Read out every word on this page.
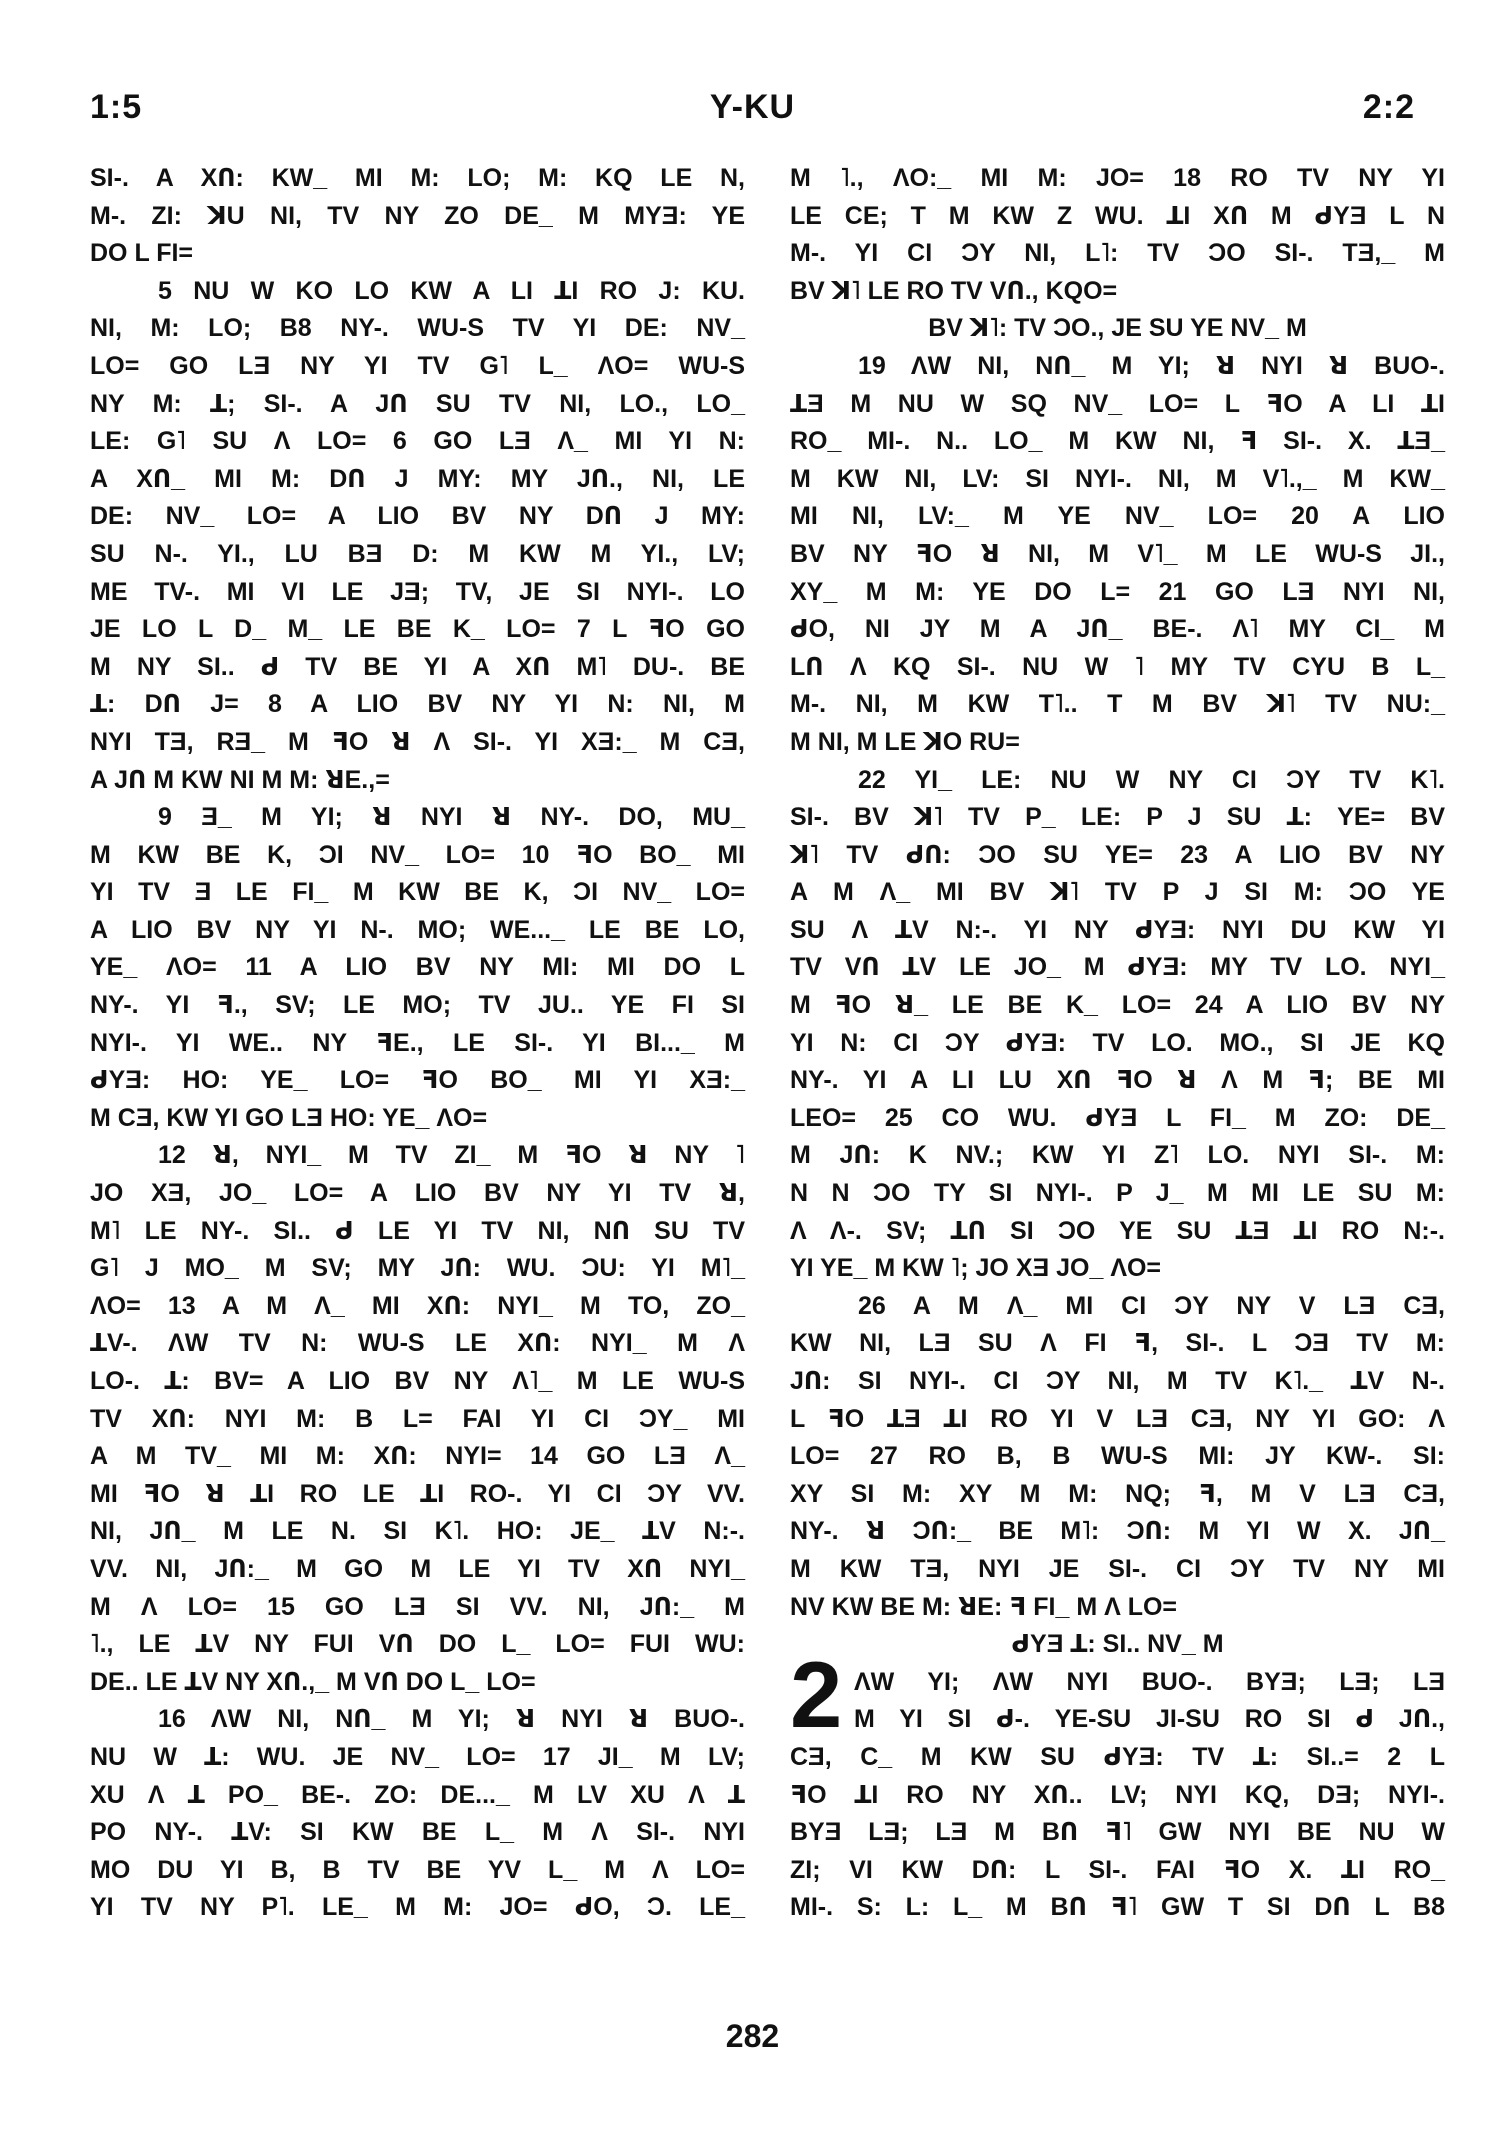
1:5	Y-KU	2:2
SI-. A XՈ: KW_ MI M: LO; M: KQ LE N,
M-. ZI: ꓘU NI, TV NY ZO DE_ M MYƎ: YE
DO L FI=
5 NU W KO LO KW A LI ꓕI RO J: KU.
NI, M: LO; B8 NY-. WU-S TV YI DE: NV_
LO= GO LƎ NY YI TV G˥ L_ ΛO= WU-S
NY M: ꓕ; SI-. A JՈ SU TV NI, LO., LO_
LE: G˥ SU Λ LO= 6 GO LƎ Λ_ MI YI N:
A XՈ_ MI M: DՈ J MY: MY JՈ., NI, LE
DE: NV_ LO= A LIO BV NY DՈ J MY:
SU N-. YI., LU BƎ D: M KW M YI., LV;
ME TV-. MI VI LE JƎ; TV, JE SI NYI-. LO
JE LO L D_ M_ LE BE K_ LO= 7 L ꟻO GO
M NY SI.. ᑯ TV BE YI A XՈ M˥ DU-. BE
ꓕ: DՈ J= 8 A LIO BV NY YI N: NI, M
NYI TƎ, RƎ_ M ꟻO ꓤ Λ SI-. YI XƎ:_ M CƎ,
A JՈ M KW NI M M: ꓤE.,=
9 Ǝ_ M YI; ꓤ NYI ꓤ NY-. DO, MU_
M KW BE K, ƆI NV_ LO= 10 ꟻO BO_ MI
YI TV Ǝ LE FI_ M KW BE K, ƆI NV_ LO=
A LIO BV NY YI N-. MO; WE..._ LE BE LO,
YE_ ΛO= 11 A LIO BV NY MI: MI DO L
NY-. YI ꟻ., SV; LE MO; TV JU.. YE FI SI
NYI-. YI WE.. NY ꟻE., LE SI-. YI BI..._ M
ᑯYƎ: HO: YE_ LO= ꟻO BO_ MI YI XƎ:_
M CƎ, KW YI GO LƎ HO: YE_ ΛO=
12 ꓤ, NYI_ M TV ZI_ M ꟻO ꓤ NY ˥
JO XƎ, JO_ LO= A LIO BV NY YI TV ꓤ,
M˥ LE NY-. SI.. ᑯ LE YI TV NI, NՈ SU TV
G˥ J MO_ M SV; MY JՈ: WU. ƆU: YI M˥_
ΛO= 13 A M Λ_ MI XՈ: NYI_ M TO, ZO_
ꓕV-. ΛW TV N: WU-S LE XՈ: NYI_ M Λ
LO-. ꓕ: BV= A LIO BV NY Λ˥_ M LE WU-S
TV XՈ: NYI M: B L= FAI YI CI ƆY_ MI
A M TV_ MI M: XՈ: NYI= 14 GO LƎ Λ_
MI ꟻO ꓤ ꓕI RO LE ꓕI RO-. YI CI ƆY VV.
NI, JՈ_ M LE N. SI K˥. HO: JE_ ꓕV N:-.
VV. NI, JՈ:_ M GO M LE YI TV XՈ NYI_
M Λ LO= 15 GO LƎ SI VV. NI, JՈ:_ M
˥., LE ꓕV NY FUI VՈ DO L_ LO= FUI WU:
DE.. LE ꓕV NY XՈ.,_ M VՈ DO L_ LO=
16 ΛW NI, NՈ_ M YI; ꓤ NYI ꓤ BUO-.
NU W ꓕ: WU. JE NV_ LO= 17 JI_ M LV;
XU Λ ꓕ PO_ BE-. ZO: DE..._ M LV XU Λ ꓕ
PO NY-. ꓕV: SI KW BE L_ M Λ SI-. NYI
MO DU YI B, B TV BE YV L_ M Λ LO=
YI TV NY P˥. LE_ M M: JO= ᑯO, Ɔ. LE_
M ˥., ΛO:_ MI M: JO= 18 RO TV NY YI
LE CE; T M KW Z WU. ꓕI XՈ M ᑯYƎ L N
M-. YI CI ƆY NI, L˥: TV ƆO SI-. TƎ,_ M
BV ꓘ˥ LE RO TV VՈ., KQO=
BV ꓘ˥: TV ƆO., JE SU YE NV_ M
19 ΛW NI, NՈ_ M YI; ꓤ NYI ꓤ BUO-.
ꓕƎ M NU W SQ NV_ LO= L ꟻO A LI ꓕI
RO_ MI-. N.. LO_ M KW NI, ꟻ SI-. X. ꓕƎ_
M KW NI, LV: SI NYI-. NI, M V˥.,_ M KW_
MI NI, LV:_ M YE NV_ LO= 20 A LIO
BV NY ꟻO ꓤ NI, M V˥_ M LE WU-S JI.,
XY_ M M: YE DO L= 21 GO LƎ NYI NI,
ᑯO, NI JY M A JՈ_ BE-. Λ˥ MY CI_ M
LՈ Λ KQ SI-. NU W ˥ MY TV CYU B L_
M-. NI, M KW T˥.. T M BV ꓘ˥ TV NU:_
M NI, M LE ꓘO RU=
22 YI_ LE: NU W NY CI ƆY TV K˥.
SI-. BV ꓘ˥ TV P_ LE: P J SU ꓕ: YE= BV
ꓘ˥ TV ᑯՈ: ƆO SU YE= 23 A LIO BV NY
A M Λ_ MI BV ꓘ˥ TV P J SI M: ƆO YE
SU Λ ꓕV N:-. YI NY ᑯYƎ: NYI DU KW YI
TV VՈ ꓕV LE JO_ M ᑯYƎ: MY TV LO. NYI_
M ꟻO ꓤ_ LE BE K_ LO= 24 A LIO BV NY
YI N: CI ƆY ᑯYƎ: TV LO. MO., SI JE KQ
NY-. YI A LI LU XՈ ꟻO ꓤ Λ M ꟻ; BE MI
LEO= 25 CO WU. ᑯYƎ L FI_ M ZO: DE_
M JՈ: K NV.; KW YI Z˥ LO. NYI SI-. M:
N N ƆO TY SI NYI-. P J_ M MI LE SU M:
Λ Λ-. SV; ꓕՈ SI ƆO YE SU ꓕƎ ꓕI RO N:-.
YI YE_ M KW ˥; JO XƎ JO_ ΛO=
26 A M Λ_ MI CI ƆY NY V LƎ CƎ,
KW NI, LƎ SU Λ FI ꟻ, SI-. L ƆƎ TV M:
JՈ: SI NYI-. CI ƆY NI, M TV K˥._ ꓕV N-.
L ꟻO ꓕƎ ꓕI RO YI V LƎ CƎ, NY YI GO: Λ
LO= 27 RO B, B WU-S MI: JY KW-. SI:
XY SI M: XY M M: NQ; ꟻ, M V LƎ CƎ,
NY-. ꓤ ƆՈ:_ BE M˥: ƆՈ: M YI W X. JՈ_
M KW TƎ, NYI JE SI-. CI ƆY TV NY MI
NV KW BE M: ꓤE: ꟻ FI_ M Λ LO=
ᑯYƎ ꓕ: SI.. NV_ M
ΛW YI; ΛW NYI BUO-. BYƎ; LƎ; LƎ
M YI SI ᑯ-. YE-SU JI-SU RO SI ᑯ JՈ.,
CƎ, C_ M KW SU ᑯYƎ: TV ꓕ: SI..= 2 L
ꟻO ꓕI RO NY XՈ.. LV; NYI KQ, DƎ; NYI-.
BYƎ LƎ; LƎ M BՈ ꟻ˥ GW NYI BE NU W
ZI; VI KW DՈ: L SI-. FAI ꟻO X. ꓕI RO_
MI-. S: L: L_ M BՈ ꟻ˥ GW T SI DՈ L B8
2
282
